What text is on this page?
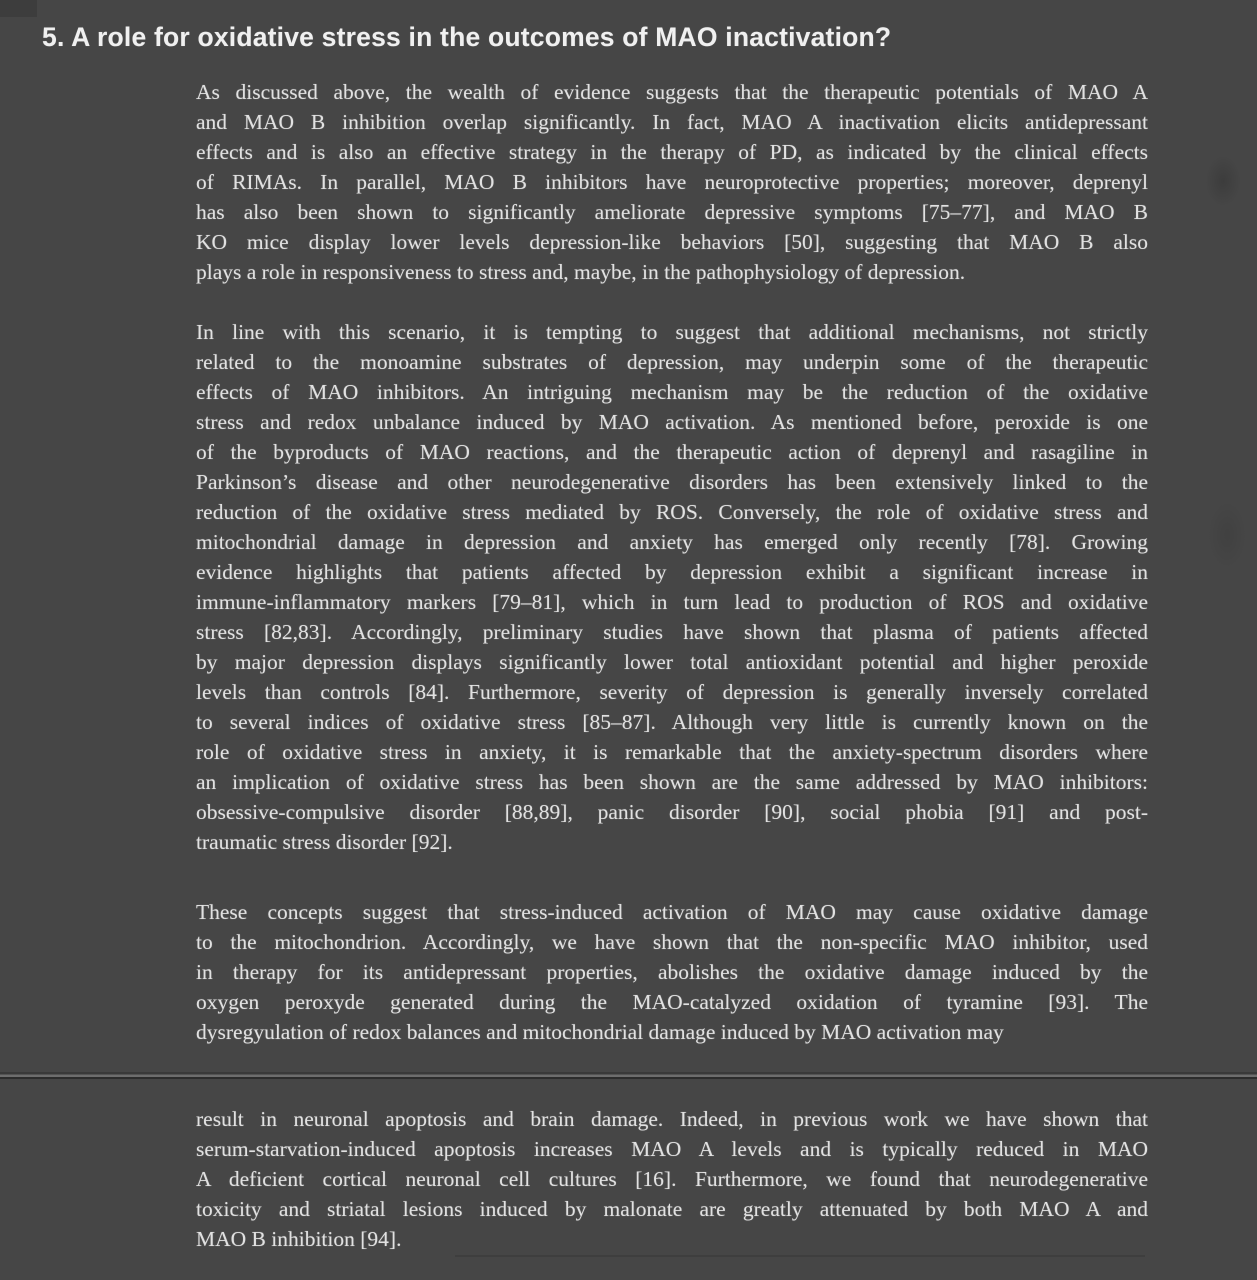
5. A role for oxidative stress in the outcomes of MAO inactivation?
As discussed above, the wealth of evidence suggests that the therapeutic potentials of MAO A
and MAO B inhibition overlap significantly. In fact, MAO A inactivation elicits antidepressant
effects and is also an effective strategy in the therapy of PD, as indicated by the clinical effects
of RIMAs. In parallel, MAO B inhibitors have neuroprotective properties; moreover, deprenyl
has also been shown to significantly ameliorate depressive symptoms [75–77], and MAO B
KO mice display lower levels depression-like behaviors [50], suggesting that MAO B also
plays a role in responsiveness to stress and, maybe, in the pathophysiology of depression.
In line with this scenario, it is tempting to suggest that additional mechanisms, not strictly
related to the monoamine substrates of depression, may underpin some of the therapeutic
effects of MAO inhibitors. An intriguing mechanism may be the reduction of the oxidative
stress and redox unbalance induced by MAO activation. As mentioned before, peroxide is one
of the byproducts of MAO reactions, and the therapeutic action of deprenyl and rasagiline in
Parkinson’s disease and other neurodegenerative disorders has been extensively linked to the
reduction of the oxidative stress mediated by ROS. Conversely, the role of oxidative stress and
mitochondrial damage in depression and anxiety has emerged only recently [78]. Growing
evidence highlights that patients affected by depression exhibit a significant increase in
immune-inflammatory markers [79–81], which in turn lead to production of ROS and oxidative
stress [82,83]. Accordingly, preliminary studies have shown that plasma of patients affected
by major depression displays significantly lower total antioxidant potential and higher peroxide
levels than controls [84]. Furthermore, severity of depression is generally inversely correlated
to several indices of oxidative stress [85–87]. Although very little is currently known on the
role of oxidative stress in anxiety, it is remarkable that the anxiety-spectrum disorders where
an implication of oxidative stress has been shown are the same addressed by MAO inhibitors:
obsessive-compulsive disorder [88,89], panic disorder [90], social phobia [91] and post-
traumatic stress disorder [92].
These concepts suggest that stress-induced activation of MAO may cause oxidative damage
to the mitochondrion. Accordingly, we have shown that the non-specific MAO inhibitor, used
in therapy for its antidepressant properties, abolishes the oxidative damage induced by the
oxygen peroxyde generated during the MAO-catalyzed oxidation of tyramine [93]. The
dysregyulation of redox balances and mitochondrial damage induced by MAO activation may
result in neuronal apoptosis and brain damage. Indeed, in previous work we have shown that
serum-starvation-induced apoptosis increases MAO A levels and is typically reduced in MAO
A deficient cortical neuronal cell cultures [16]. Furthermore, we found that neurodegenerative
toxicity and striatal lesions induced by malonate are greatly attenuated by both MAO A and
MAO B inhibition [94].
